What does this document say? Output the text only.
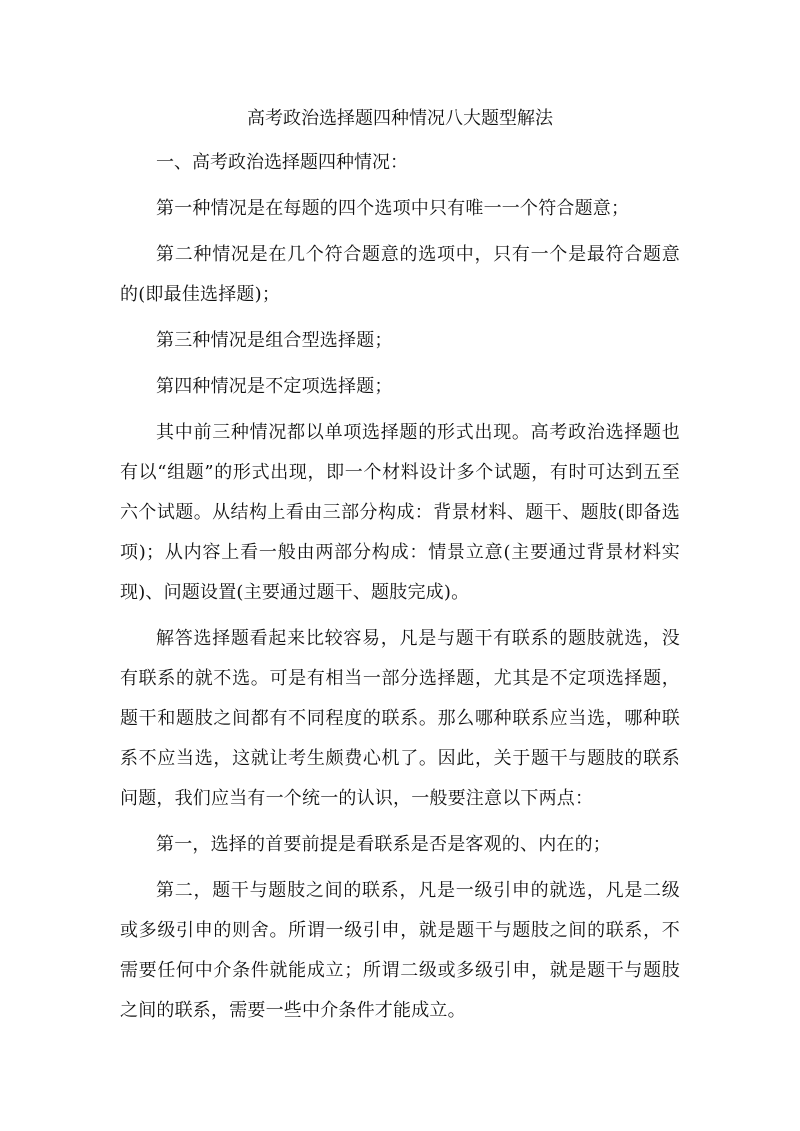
高考政治选择题四种情况八大题型解法

一、高考政治选择题四种情况：

第一种情况是在每题的四个选项中只有唯一一个符合题意；

第二种情况是在几个符合题意的选项中，只有一个是最符合题意的(即最佳选择题)；

第三种情况是组合型选择题；

第四种情况是不定项选择题；

其中前三种情况都以单项选择题的形式出现。高考政治选择题也有以“组题”的形式出现，即一个材料设计多个试题，有时可达到五至六个试题。从结构上看由三部分构成：背景材料、题干、题肢(即备选项)；从内容上看一般由两部分构成：情景立意(主要通过背景材料实现)、问题设置(主要通过题干、题肢完成)。

解答选择题看起来比较容易，凡是与题干有联系的题肢就选，没有联系的就不选。可是有相当一部分选择题，尤其是不定项选择题，题干和题肢之间都有不同程度的联系。那么哪种联系应当选，哪种联系不应当选，这就让考生颇费心机了。因此，关于题干与题肢的联系问题，我们应当有一个统一的认识，一般要注意以下两点：

第一，选择的首要前提是看联系是否是客观的、内在的；

第二，题干与题肢之间的联系，凡是一级引申的就选，凡是二级或多级引申的则舍。所谓一级引申，就是题干与题肢之间的联系，不需要任何中介条件就能成立；所谓二级或多级引申，就是题干与题肢之间的联系，需要一些中介条件才能成立。
